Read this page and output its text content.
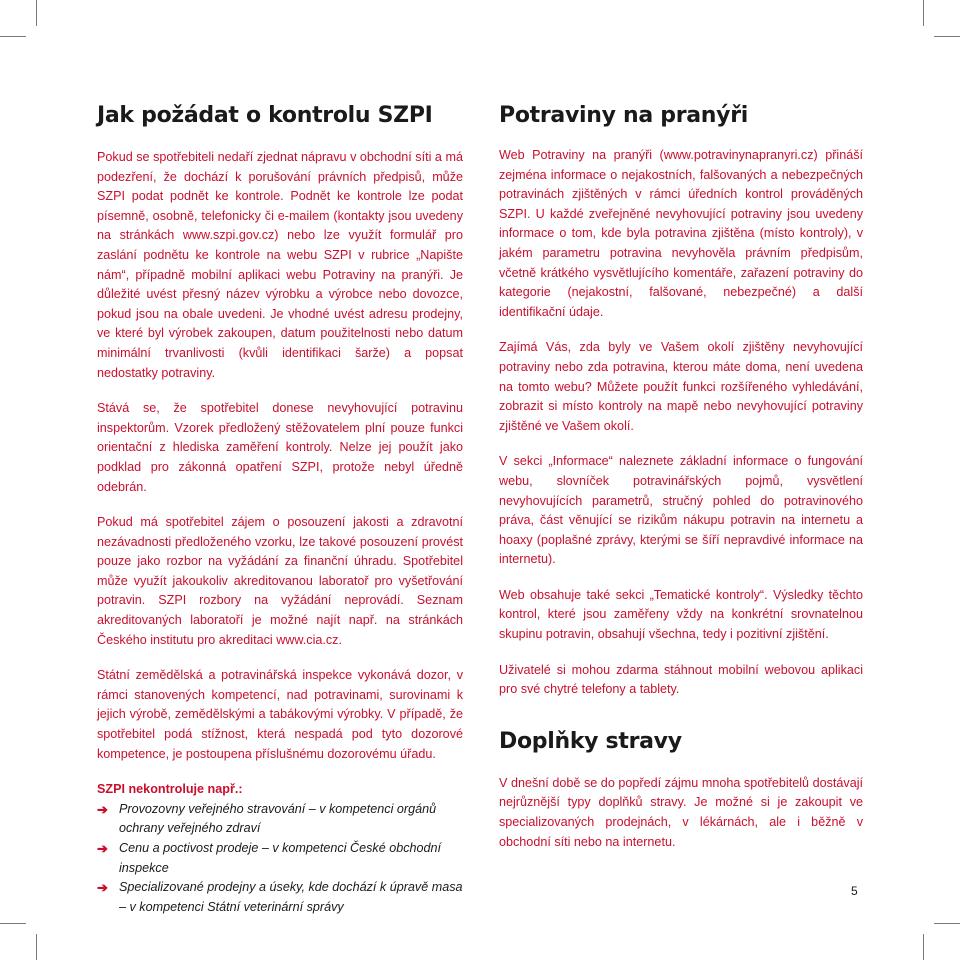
Jak požádat o kontrolu SZPI

Pokud se spotřebiteli nedaří zjednat nápravu v obchodní síti a má podezření, že dochází k porušování právních předpisů, může SZPI podat podnět ke kontrole. Podnět ke kontrole lze podat písemně, osobně, telefonicky či e-mailem (kontakty jsou uvedeny na stránkách www.szpi.gov.cz) nebo lze využít formulář pro zaslání podnětu ke kontrole na webu SZPI v rubrice „Napište nám“, případně mobilní aplikaci webu Potraviny na pranýři. Je důležité uvést přesný název výrobku a výrobce nebo dovozce, pokud jsou na obale uvedeni. Je vhodné uvést adresu prodejny, ve které byl výrobek zakoupen, datum použitelnosti nebo datum minimální trvanlivosti (kvůli identifikaci šarže) a popsat nedostatky potraviny.

Stává se, že spotřebitel donese nevyhovující potravinu inspektorům. Vzorek předložený stěžovatelem plní pouze funkci orientační z hlediska zaměření kontroly. Nelze jej použít jako podklad pro zákonná opatření SZPI, protože nebyl úředně odebrán.

Pokud má spotřebitel zájem o posouzení jakosti a zdravotní nezávadnosti předloženého vzorku, lze takové posouzení provést pouze jako rozbor na vyžádání za finanční úhradu. Spotřebitel může využít jakoukoliv akreditovanou laboratoř pro vyšetřování potravin. SZPI rozbory na vyžádání neprovádí. Seznam akreditovaných laboratoří je možné najít např. na stránkách Českého institutu pro akreditaci www.cia.cz.

Státní zemědělská a potravinářská inspekce vykonává dozor, v rámci stanovených kompetencí, nad potravinami, surovinami k jejich výrobě, zemědělskými a tabákovými výrobky. V případě, že spotřebitel podá stížnost, která nespadá pod tyto dozorové kompetence, je postoupena příslušnému dozorovému úřadu.

SZPI nekontroluje např.:
➔ Provozovny veřejného stravování – v kompetenci orgánů ochrany veřejného zdraví
➔ Cenu a poctivost prodeje – v kompetenci České obchodní inspekce
➔ Specializované prodejny a úseky, kde dochází k úpravě masa – v kompetenci Státní veterinární správy
Potraviny na pranýři

Web Potraviny na pranýři (www.potravinynapranyri.cz) přináší zejména informace o nejakostních, falšovaných a nebezpečných potravinách zjištěných v rámci úředních kontrol prováděných SZPI. U každé zveřejněné nevyhovující potraviny jsou uvedeny informace o tom, kde byla potravina zjištěna (místo kontroly), v jakém parametru potravina nevyhověla právním předpisům, včetně krátkého vysvětlujícího komentáře, zařazení potraviny do kategorie (nejakostní, falšované, nebezpečné) a další identifikační údaje.

Zajímá Vás, zda byly ve Vašem okolí zjištěny nevyhovující potraviny nebo zda potravina, kterou máte doma, není uvedena na tomto webu? Můžete použít funkci rozšířeného vyhledávání, zobrazit si místo kontroly na mapě nebo nevyhovující potraviny zjištěné ve Vašem okolí.

V sekci „Informace“ naleznete základní informace o fungování webu, slovníček potravinářských pojmů, vysvětlení nevyhovujících parametrů, stručný pohled do potravinového práva, část věnující se rizikům nákupu potravin na internetu a hoaxy (poplašné zprávy, kterými se šíří nepravdivé informace na internetu).

Web obsahuje také sekci „Tematické kontroly“. Výsledky těchto kontrol, které jsou zaměřeny vždy na konkrétní srovnatelnou skupinu potravin, obsahují všechna, tedy i pozitivní zjištění.

Uživatelé si mohou zdarma stáhnout mobilní webovou aplikaci pro své chytré telefony a tablety.

Doplňky stravy

V dnešní době se do popředí zájmu mnoha spotřebitelů dostávají nejrůznější typy doplňků stravy. Je možné si je zakoupit ve specializovaných prodejnách, v lékárnách, ale i běžně v obchodní síti nebo na internetu.

5
